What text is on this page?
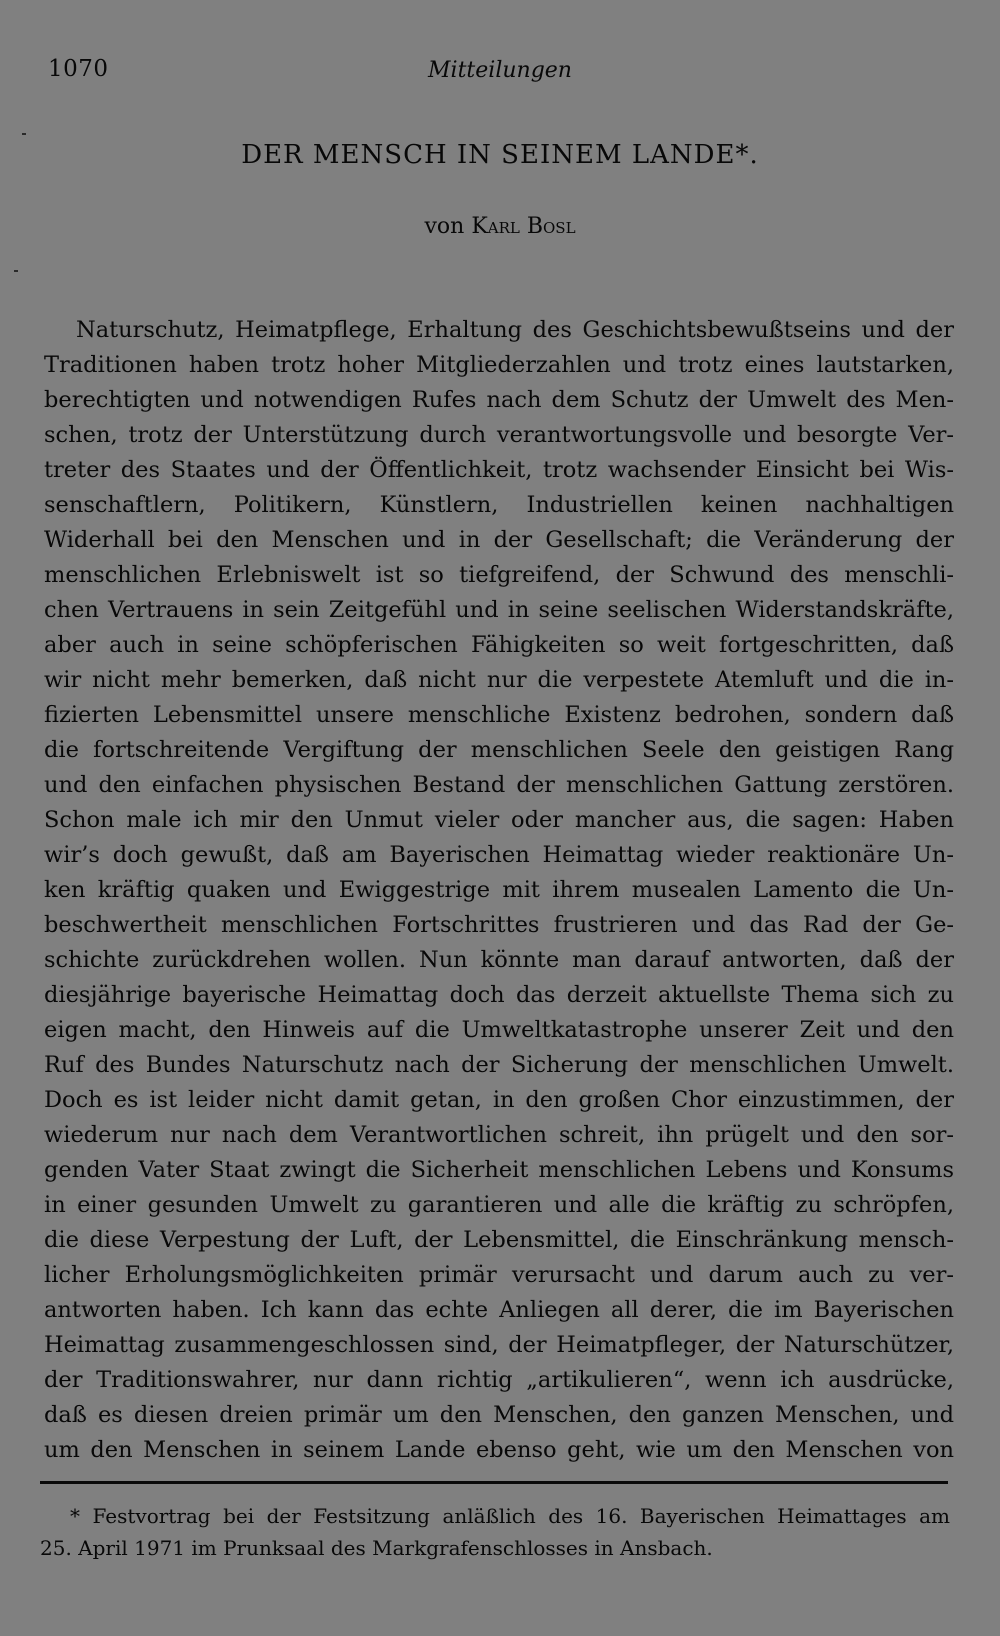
1070	Mitteilungen
DER MENSCH IN SEINEM LANDE*.
von Karl Bosl
Naturschutz, Heimatpflege, Erhaltung des Geschichtsbewußtseins und der
Traditionen haben trotz hoher Mitgliederzahlen und trotz eines lautstarken,
berechtigten und notwendigen Rufes nach dem Schutz der Umwelt des Men-
schen, trotz der Unterstützung durch verantwortungsvolle und besorgte Ver-
treter des Staates und der Öffentlichkeit, trotz wachsender Einsicht bei Wis-
senschaftlern, Politikern, Künstlern, Industriellen keinen nachhaltigen
Widerhall bei den Menschen und in der Gesellschaft; die Veränderung der
menschlichen Erlebniswelt ist so tiefgreifend, der Schwund des menschli-
chen Vertrauens in sein Zeitgefühl und in seine seelischen Widerstandskräfte,
aber auch in seine schöpferischen Fähigkeiten so weit fortgeschritten, daß
wir nicht mehr bemerken, daß nicht nur die verpestete Atemluft und die in-
fizierten Lebensmittel unsere menschliche Existenz bedrohen, sondern daß
die fortschreitende Vergiftung der menschlichen Seele den geistigen Rang
und den einfachen physischen Bestand der menschlichen Gattung zerstören.
Schon male ich mir den Unmut vieler oder mancher aus, die sagen: Haben
wir’s doch gewußt, daß am Bayerischen Heimattag wieder reaktionäre Un-
ken kräftig quaken und Ewiggestrige mit ihrem musealen Lamento die Un-
beschwertheit menschlichen Fortschrittes frustrieren und das Rad der Ge-
schichte zurückdrehen wollen. Nun könnte man darauf antworten, daß der
diesjährige bayerische Heimattag doch das derzeit aktuellste Thema sich zu
eigen macht, den Hinweis auf die Umweltkatastrophe unserer Zeit und den
Ruf des Bundes Naturschutz nach der Sicherung der menschlichen Umwelt.
Doch es ist leider nicht damit getan, in den großen Chor einzustimmen, der
wiederum nur nach dem Verantwortlichen schreit, ihn prügelt und den sor-
genden Vater Staat zwingt die Sicherheit menschlichen Lebens und Konsums
in einer gesunden Umwelt zu garantieren und alle die kräftig zu schröpfen,
die diese Verpestung der Luft, der Lebensmittel, die Einschränkung mensch-
licher Erholungsmöglichkeiten primär verursacht und darum auch zu ver-
antworten haben. Ich kann das echte Anliegen all derer, die im Bayerischen
Heimattag zusammengeschlossen sind, der Heimatpfleger, der Naturschützer,
der Traditionswahrer, nur dann richtig „artikulieren“, wenn ich ausdrücke,
daß es diesen dreien primär um den Menschen, den ganzen Menschen, und
um den Menschen in seinem Lande ebenso geht, wie um den Menschen von
* Festvortrag bei der Festsitzung anläßlich des 16. Bayerischen Heimattages am
25. April 1971 im Prunksaal des Markgrafenschlosses in Ansbach.
